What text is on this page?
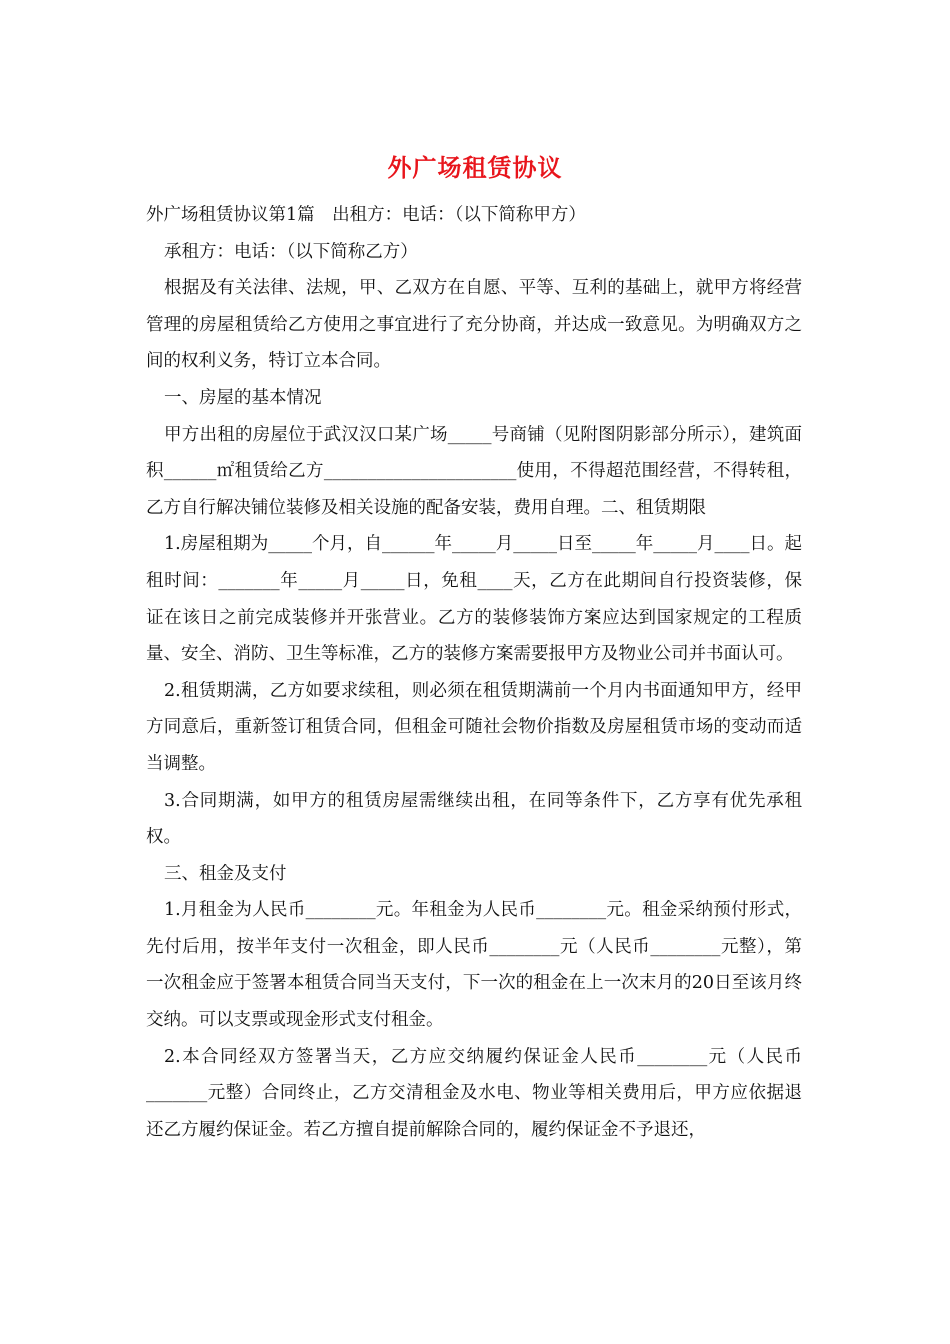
外广场租赁协议

外广场租赁协议第1篇　出租方：电话：（以下简称甲方）

承租方：电话：（以下简称乙方）

根据及有关法律、法规，甲、乙双方在自愿、平等、互利的基础上，就甲方将经营管理的房屋租赁给乙方使用之事宜进行了充分协商，并达成一致意见。为明确双方之间的权利义务，特订立本合同。

一、房屋的基本情况

甲方出租的房屋位于武汉汉口某广场_____号商铺（见附图阴影部分所示），建筑面积______㎡租赁给乙方______________________使用，不得超范围经营，不得转租，乙方自行解决铺位装修及相关设施的配备安装，费用自理。二、租赁期限

1.房屋租期为_____个月，自______年_____月_____日至_____年_____月____日。起租时间：_______年_____月_____日，免租____天，乙方在此期间自行投资装修，保证在该日之前完成装修并开张营业。乙方的装修装饰方案应达到国家规定的工程质量、安全、消防、卫生等标准，乙方的装修方案需要报甲方及物业公司并书面认可。

2.租赁期满，乙方如要求续租，则必须在租赁期满前一个月内书面通知甲方，经甲方同意后，重新签订租赁合同，但租金可随社会物价指数及房屋租赁市场的变动而适当调整。

3.合同期满，如甲方的租赁房屋需继续出租，在同等条件下，乙方享有优先承租权。

三、租金及支付

1.月租金为人民币________元。年租金为人民币________元。租金采纳预付形式，先付后用，按半年支付一次租金，即人民币________元（人民币________元整），第一次租金应于签署本租赁合同当天支付，下一次的租金在上一次末月的20日至该月终交纳。可以支票或现金形式支付租金。

2.本合同经双方签署当天，乙方应交纳履约保证金人民币________元（人民币_______元整）合同终止，乙方交清租金及水电、物业等相关费用后，甲方应依据退还乙方履约保证金。若乙方擅自提前解除合同的，履约保证金不予退还，
